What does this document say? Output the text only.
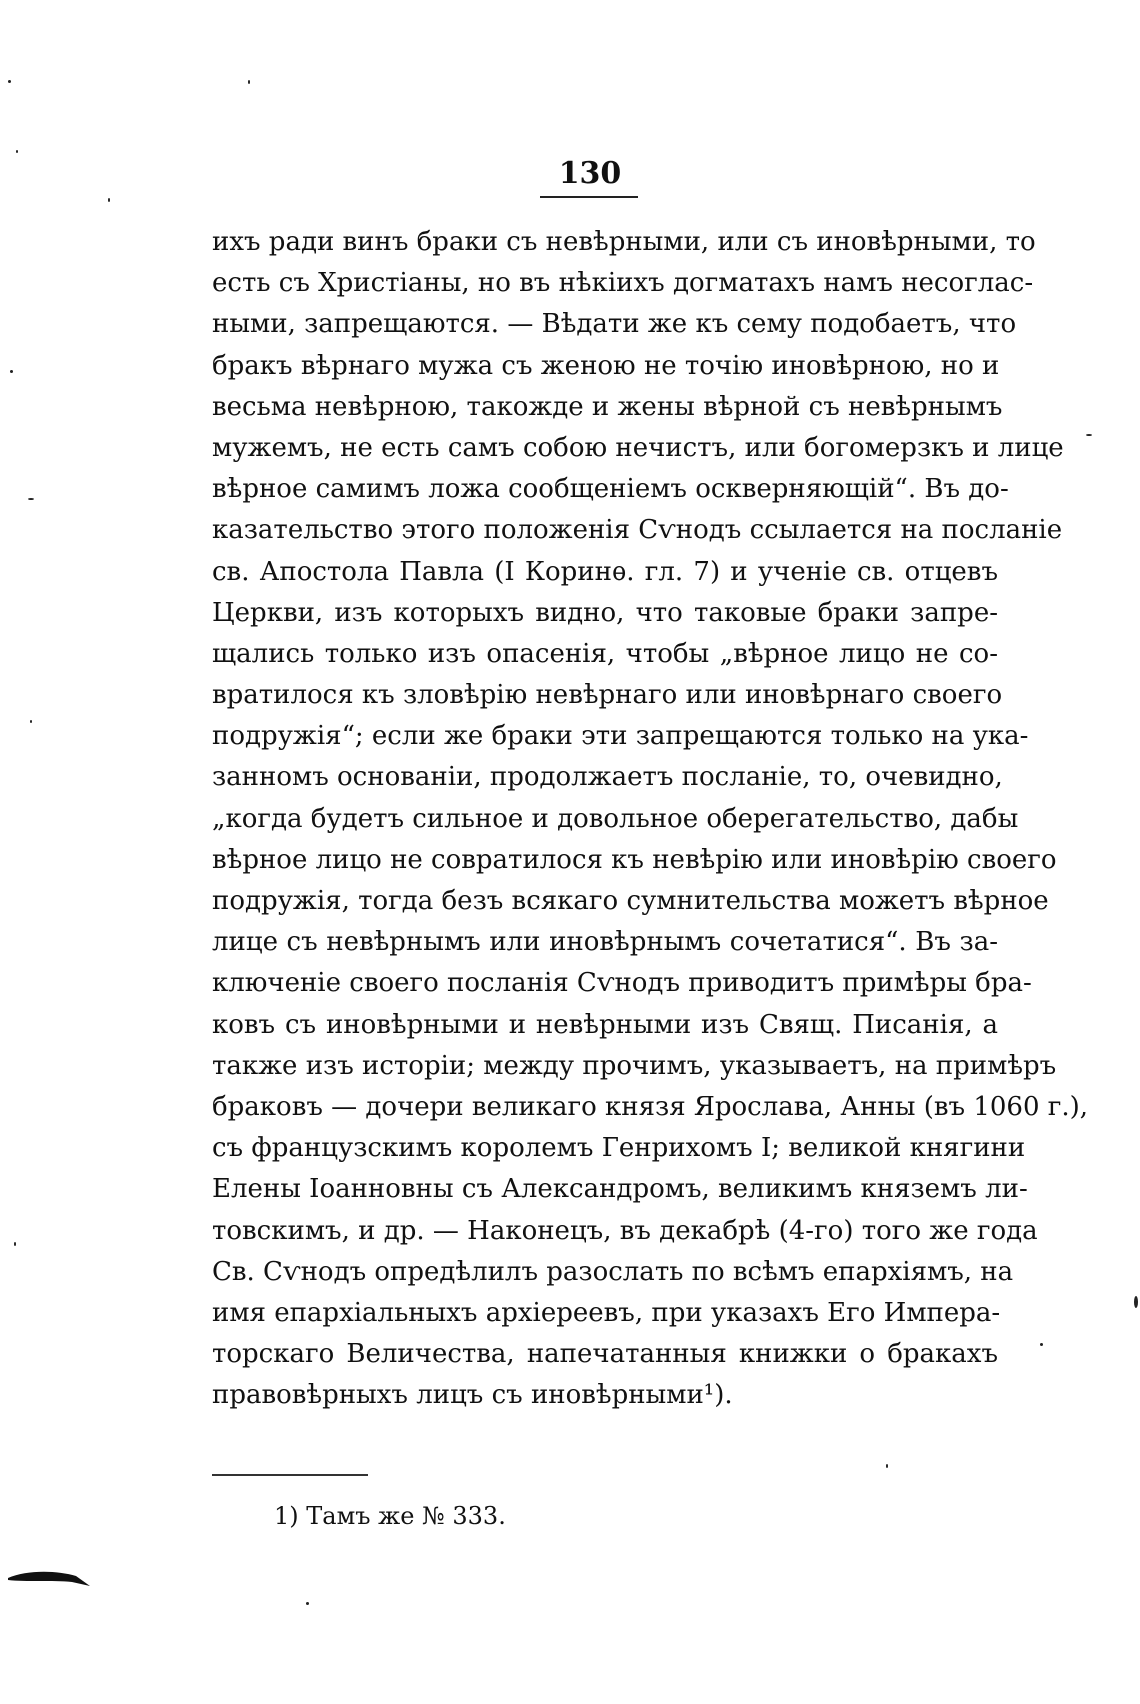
130
ихъ ради винъ браки съ невѣрными, или съ иновѣрными, то
есть съ Христіаны, но въ нѣкіихъ догматахъ намъ несоглас-
ными, запрещаются. — Вѣдати же къ сему подобаетъ, что
бракъ вѣрнаго мужа съ женою не точію иновѣрною, но и
весьма невѣрною, такожде и жены вѣрной съ невѣрнымъ
мужемъ, не есть самъ собою нечистъ, или богомерзкъ и лице
вѣрное самимъ ложа сообщеніемъ оскверняющій“. Въ до-
казательство этого положенія Сѵнодъ ссылается на посланіе
св. Апостола Павла (I Коринѳ. гл. 7) и ученіе св. отцевъ
Церкви, изъ которыхъ видно, что таковые браки запре-
щались только изъ опасенія, чтобы „вѣрное лицо не со-
вратилося къ зловѣрію невѣрнаго или иновѣрнаго своего
подружія“; если же браки эти запрещаются только на ука-
занномъ основаніи, продолжаетъ посланіе, то, очевидно,
„когда будетъ сильное и довольное оберегательство, дабы
вѣрное лицо не совратилося къ невѣрію или иновѣрію своего
подружія, тогда безъ всякаго сумнительства можетъ вѣрное
лице съ невѣрнымъ или иновѣрнымъ сочетатися“. Въ за-
ключеніе своего посланія Сѵнодъ приводитъ примѣры бра-
ковъ съ иновѣрными и невѣрными изъ Свящ. Писанія, а
также изъ исторіи; между прочимъ, указываетъ, на примѣръ
браковъ — дочери великаго князя Ярослава, Анны (въ 1060 г.),
съ французскимъ королемъ Генрихомъ I; великой княгини
Елены Іоанновны съ Александромъ, великимъ княземъ ли-
товскимъ, и др. — Наконецъ, въ декабрѣ (4-го) того же года
Св. Сѵнодъ опредѣлилъ разослать по всѣмъ епархіямъ, на
имя епархіальныхъ архіереевъ, при указахъ Его Импера-
торскаго Величества, напечатанныя книжки о бракахъ
правовѣрныхъ лицъ съ иновѣрными¹).
1) Тамъ же № 333.
